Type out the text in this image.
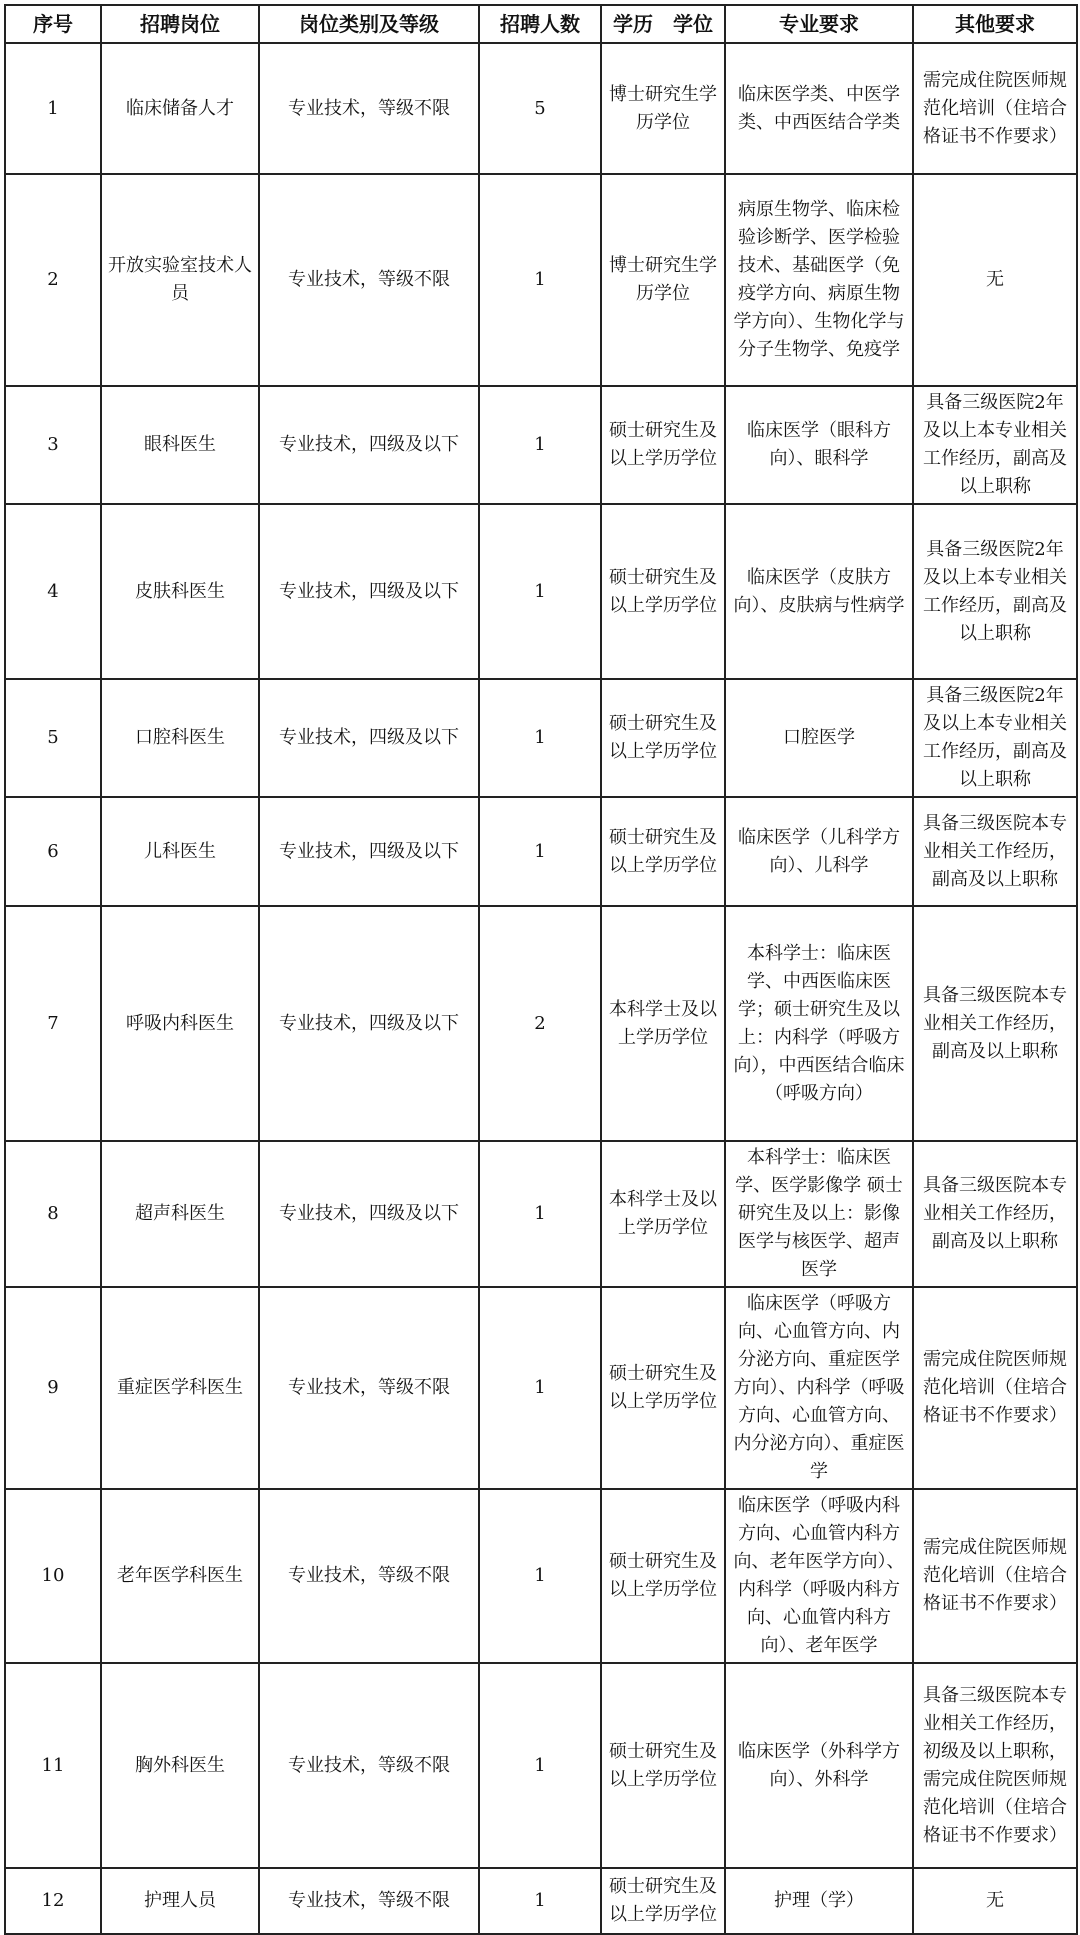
序号	招聘岗位	岗位类别及等级	招聘人数	学历　学位	专业要求	其他要求
1	临床储备人才	专业技术，等级不限	5	博士研究生学历学位	临床医学类、中医学类、中西医结合学类	需完成住院医师规范化培训（住培合格证书不作要求）
2	开放实验室技术人员	专业技术，等级不限	1	博士研究生学历学位	病原生物学、临床检验诊断学、医学检验技术、基础医学（免疫学方向、病原生物学方向）、生物化学与分子生物学、免疫学	无
3	眼科医生	专业技术，四级及以下	1	硕士研究生及以上学历学位	临床医学（眼科方向）、眼科学	具备三级医院2年及以上本专业相关工作经历，副高及以上职称
4	皮肤科医生	专业技术，四级及以下	1	硕士研究生及以上学历学位	临床医学（皮肤方向）、皮肤病与性病学	具备三级医院2年及以上本专业相关工作经历，副高及以上职称
5	口腔科医生	专业技术，四级及以下	1	硕士研究生及以上学历学位	口腔医学	具备三级医院2年及以上本专业相关工作经历，副高及以上职称
6	儿科医生	专业技术，四级及以下	1	硕士研究生及以上学历学位	临床医学（儿科学方向）、儿科学	具备三级医院本专业相关工作经历，副高及以上职称
7	呼吸内科医生	专业技术，四级及以下	2	本科学士及以上学历学位	本科学士：临床医学、中西医临床医学；硕士研究生及以上：内科学（呼吸方向），中西医结合临床（呼吸方向）	具备三级医院本专业相关工作经历，副高及以上职称
8	超声科医生	专业技术，四级及以下	1	本科学士及以上学历学位	本科学士：临床医学、医学影像学 硕士研究生及以上：影像医学与核医学、超声医学	具备三级医院本专业相关工作经历，副高及以上职称
9	重症医学科医生	专业技术，等级不限	1	硕士研究生及以上学历学位	临床医学（呼吸方向、心血管方向、内分泌方向、重症医学方向）、内科学（呼吸方向、心血管方向、内分泌方向）、重症医学	需完成住院医师规范化培训（住培合格证书不作要求）
10	老年医学科医生	专业技术，等级不限	1	硕士研究生及以上学历学位	临床医学（呼吸内科方向、心血管内科方向、老年医学方向）、内科学（呼吸内科方向、心血管内科方向）、老年医学	需完成住院医师规范化培训（住培合格证书不作要求）
11	胸外科医生	专业技术，等级不限	1	硕士研究生及以上学历学位	临床医学（外科学方向）、外科学	具备三级医院本专业相关工作经历，初级及以上职称，需完成住院医师规范化培训（住培合格证书不作要求）
12	护理人员	专业技术，等级不限	1	硕士研究生及以上学历学位	护理（学）	无
